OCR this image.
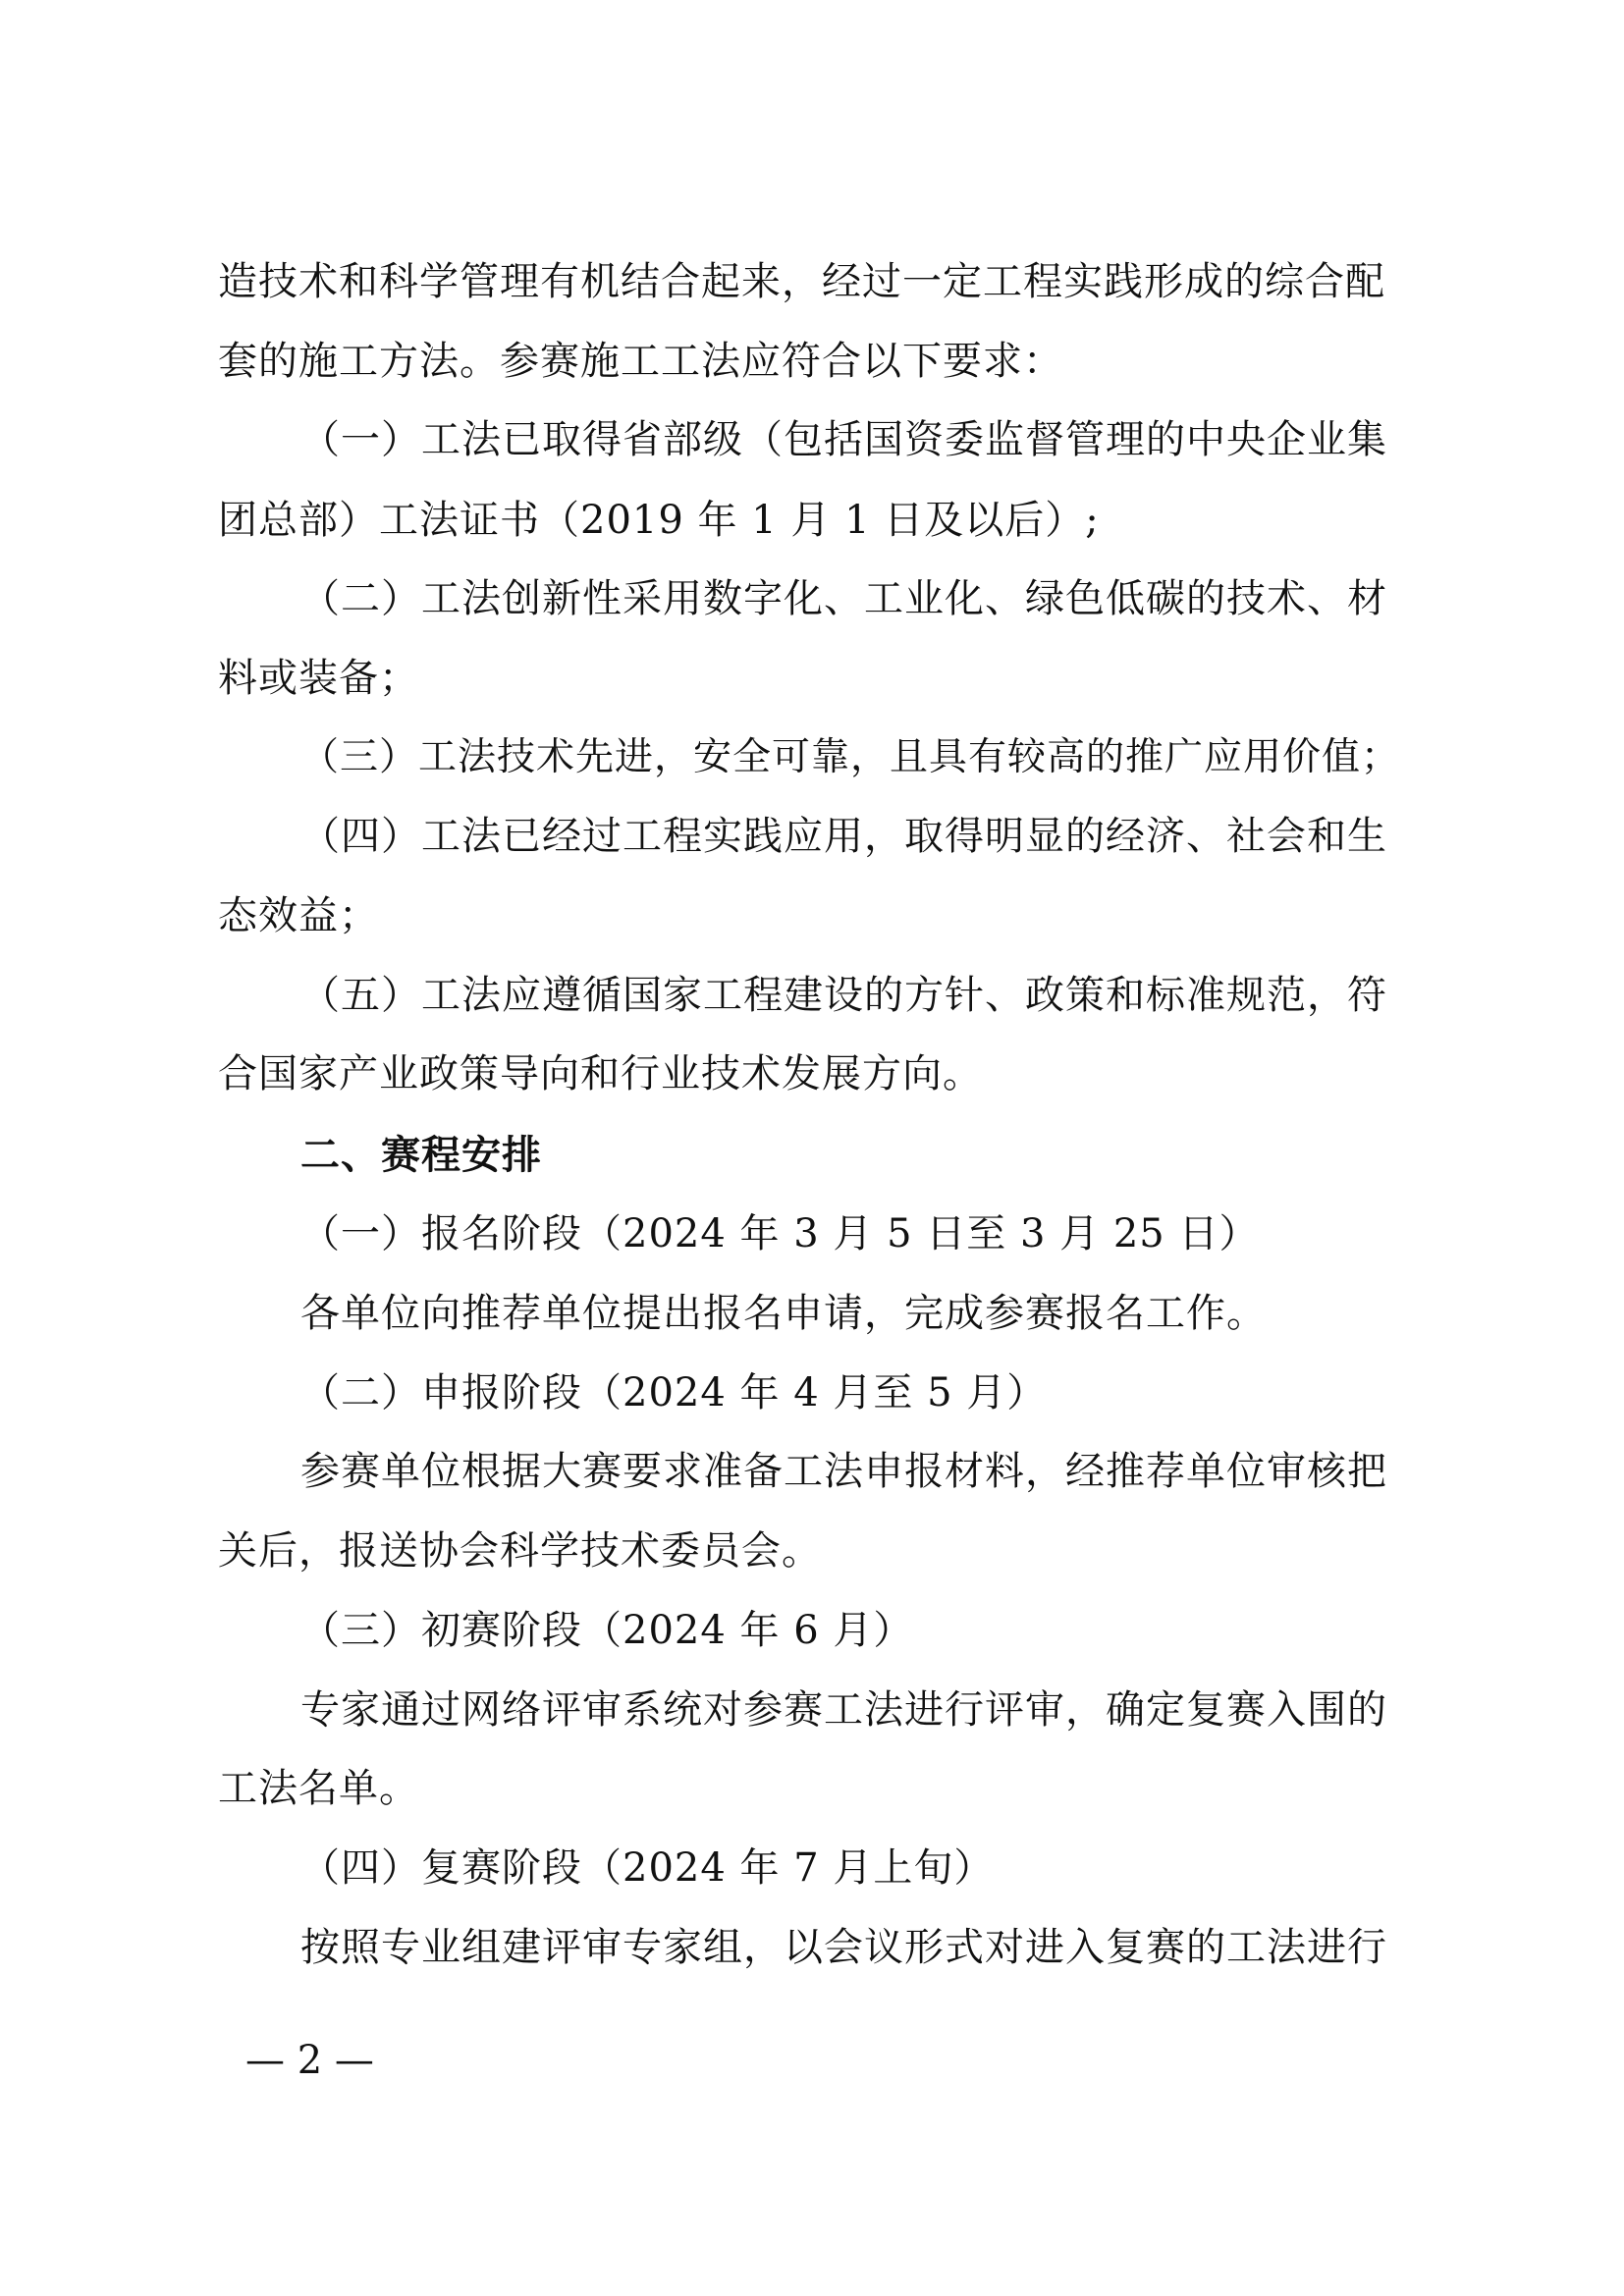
造技术和科学管理有机结合起来，经过一定工程实践形成的综合配
套的施工方法。参赛施工工法应符合以下要求：
（一）工法已取得省部级（包括国资委监督管理的中央企业集
团总部）工法证书（2019 年 1 月 1 日及以后）;
（二）工法创新性采用数字化、工业化、绿色低碳的技术、材
料或装备；
（三）工法技术先进，安全可靠，且具有较高的推广应用价值；
（四）工法已经过工程实践应用，取得明显的经济、社会和生
态效益；
（五）工法应遵循国家工程建设的方针、政策和标准规范，符
合国家产业政策导向和行业技术发展方向。
二、赛程安排
（一）报名阶段（2024 年 3 月 5 日至 3 月 25 日）
各单位向推荐单位提出报名申请，完成参赛报名工作。
（二）申报阶段（2024 年 4 月至 5 月）
参赛单位根据大赛要求准备工法申报材料，经推荐单位审核把
关后，报送协会科学技术委员会。
（三）初赛阶段（2024 年 6 月）
专家通过网络评审系统对参赛工法进行评审，确定复赛入围的
工法名单。
（四）复赛阶段（2024 年 7 月上旬）
按照专业组建评审专家组，以会议形式对进入复赛的工法进行
— 2 —
